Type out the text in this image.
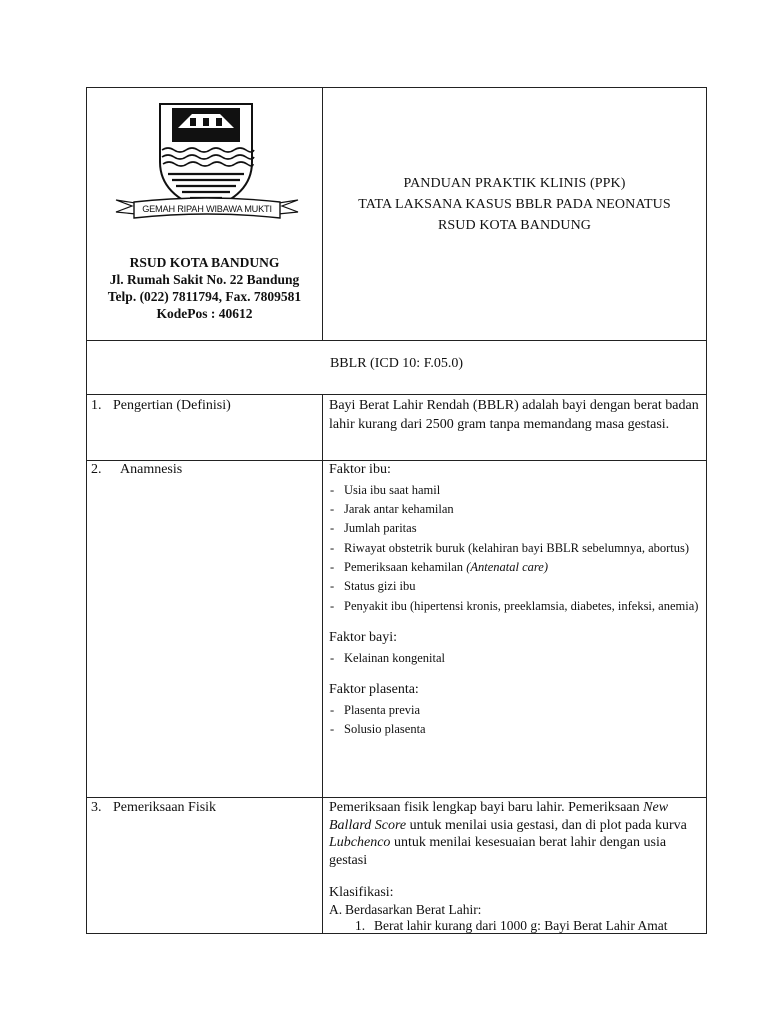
GEMAH RIPAH WIBAWA MUKTI
RSUD KOTA BANDUNG
Jl. Rumah Sakit No. 22 Bandung
Telp. (022) 7811794, Fax. 7809581
KodePos : 40612
PANDUAN PRAKTIK KLINIS (PPK)
TATA LAKSANA KASUS BBLR PADA NEONATUS
RSUD KOTA BANDUNG
BBLR (ICD 10: F.05.0)
1. Pengertian (Definisi)	Bayi Berat Lahir Rendah (BBLR) adalah bayi dengan berat badan lahir kurang dari 2500 gram tanpa memandang masa gestasi.
2. Anamnesis	Faktor ibu:

- Usia ibu saat hamil
- Jarak antar kehamilan
- Jumlah paritas
- Riwayat obstetrik buruk (kelahiran bayi BBLR sebelumnya, abortus)
- Pemeriksaan kehamilan (Antenatal care)
- Status gizi ibu
- Penyakit ibu (hipertensi kronis, preeklamsia, diabetes, infeksi, anemia)

Faktor bayi:

- Kelainan kongenital

Faktor plasenta:

- Plasenta previa
- Solusio plasenta
3. Pemeriksaan Fisik	Pemeriksaan fisik lengkap bayi baru lahir. Pemeriksaan New Ballard Score untuk menilai usia gestasi, dan di plot pada kurva Lubchenco untuk menilai kesesuaian berat lahir dengan usia gestasi
Klasifikasi:
A. Berdasarkan Berat Lahir:
1. Berat lahir kurang dari 1000 g: Bayi Berat Lahir Amat
